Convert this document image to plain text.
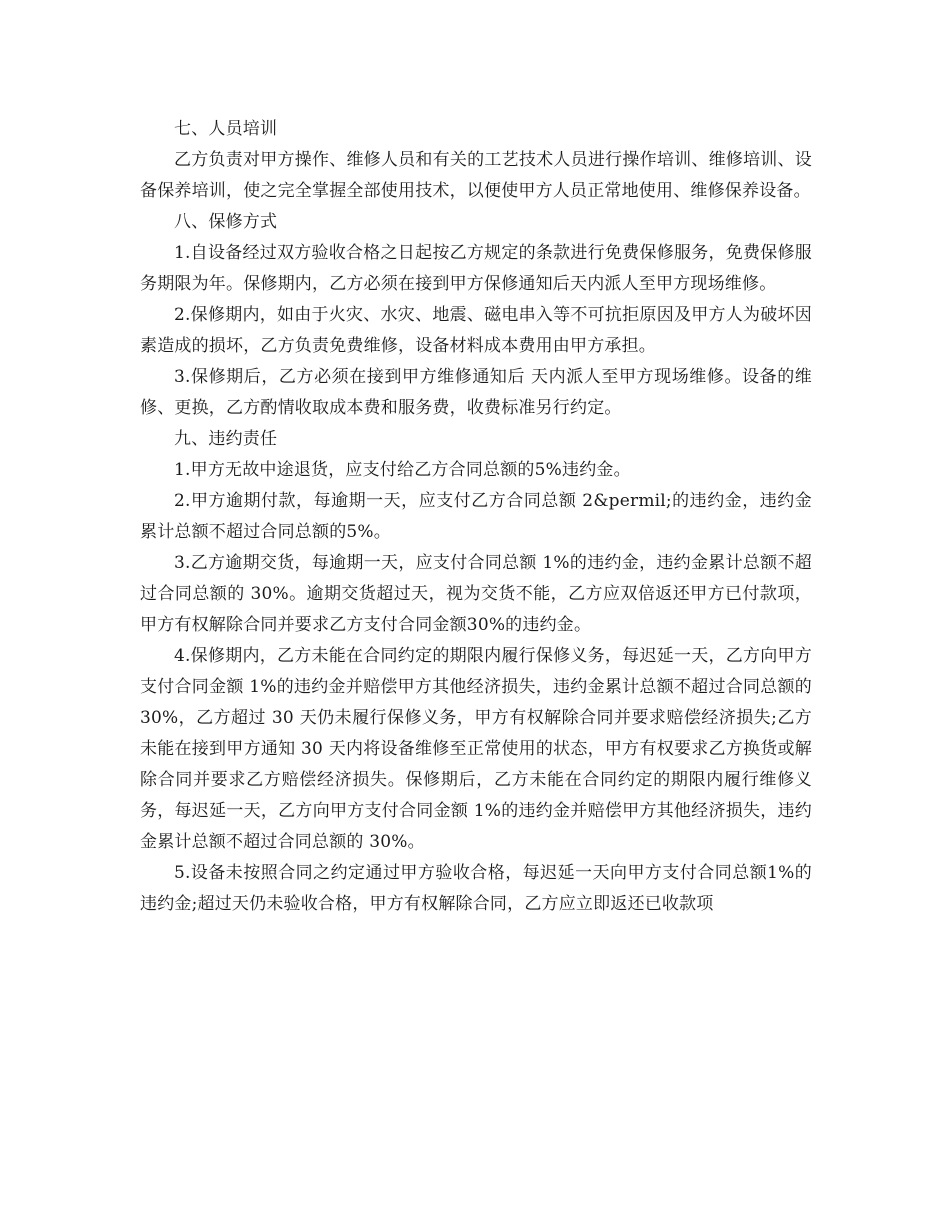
七、人员培训

乙方负责对甲方操作、维修人员和有关的工艺技术人员进行操作培训、维修培训、设备保养培训，使之完全掌握全部使用技术，以便使甲方人员正常地使用、维修保养设备。

八、保修方式

1.自设备经过双方验收合格之日起按乙方规定的条款进行免费保修服务，免费保修服务期限为年。保修期内，乙方必须在接到甲方保修通知后天内派人至甲方现场维修。

2.保修期内，如由于火灾、水灾、地震、磁电串入等不可抗拒原因及甲方人为破坏因素造成的损坏，乙方负责免费维修，设备材料成本费用由甲方承担。

3.保修期后，乙方必须在接到甲方维修通知后 天内派人至甲方现场维修。设备的维修、更换，乙方酌情收取成本费和服务费，收费标准另行约定。

九、违约责任

1.甲方无故中途退货，应支付给乙方合同总额的5%违约金。

2.甲方逾期付款，每逾期一天，应支付乙方合同总额 2&permil;的违约金，违约金累计总额不超过合同总额的5%。

3.乙方逾期交货，每逾期一天，应支付合同总额 1%的违约金，违约金累计总额不超过合同总额的 30%。逾期交货超过天，视为交货不能，乙方应双倍返还甲方已付款项，甲方有权解除合同并要求乙方支付合同金额30%的违约金。

4.保修期内，乙方未能在合同约定的期限内履行保修义务，每迟延一天，乙方向甲方支付合同金额 1%的违约金并赔偿甲方其他经济损失，违约金累计总额不超过合同总额的 30%，乙方超过 30 天仍未履行保修义务，甲方有权解除合同并要求赔偿经济损失;乙方未能在接到甲方通知 30 天内将设备维修至正常使用的状态，甲方有权要求乙方换货或解除合同并要求乙方赔偿经济损失。保修期后，乙方未能在合同约定的期限内履行维修义务，每迟延一天，乙方向甲方支付合同金额 1%的违约金并赔偿甲方其他经济损失，违约金累计总额不超过合同总额的 30%。

5.设备未按照合同之约定通过甲方验收合格，每迟延一天向甲方支付合同总额1%的违约金;超过天仍未验收合格，甲方有权解除合同，乙方应立即返还已收款项
